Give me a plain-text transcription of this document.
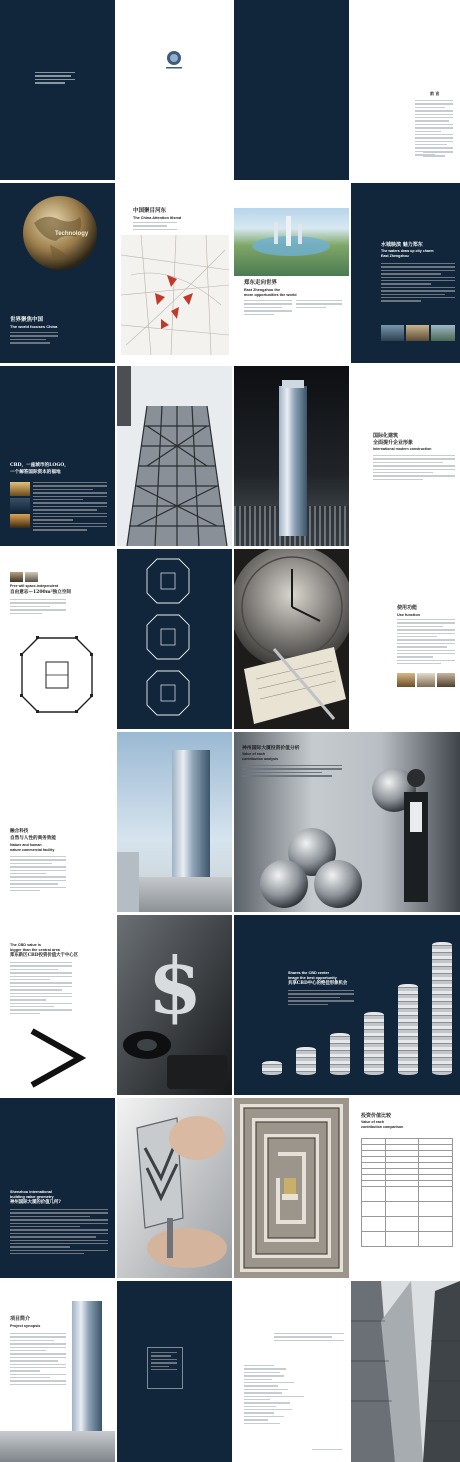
前 言
Technology
世界聚焦中国
The world focuses China
中国聚目河东
The China Attention Itlsmd
郑东走向世界
East Zhengzhou the
more opportunities the world
水城映滨 魅力郑东
The waters draw up city charm
East Zhengzhou
CBD，一座城市的LOGO，
一个解答国际资本的福地
国际化建筑
全面提升企业形象
International modern construction
Free will space-independent
自由意志—1200m²独立空间
使用功能
Use function
融合科技
自然与人性的商务效能
Nature and human
nature commercial facility
神州国际大厦投资价值分析
Value of each
contribution analysis
The CBD value is
bigger than the central area
郑东新区CBD投资价值大于中心区 $	Shares the CBD center
image the best opportunity
共享CBD中心的绝佳形象机会
Shenzhou international
building value geometry
神州国际大厦的价值几何?
投资价值比较
Value of each
contribution comparison

项目简介
Project synopsis
